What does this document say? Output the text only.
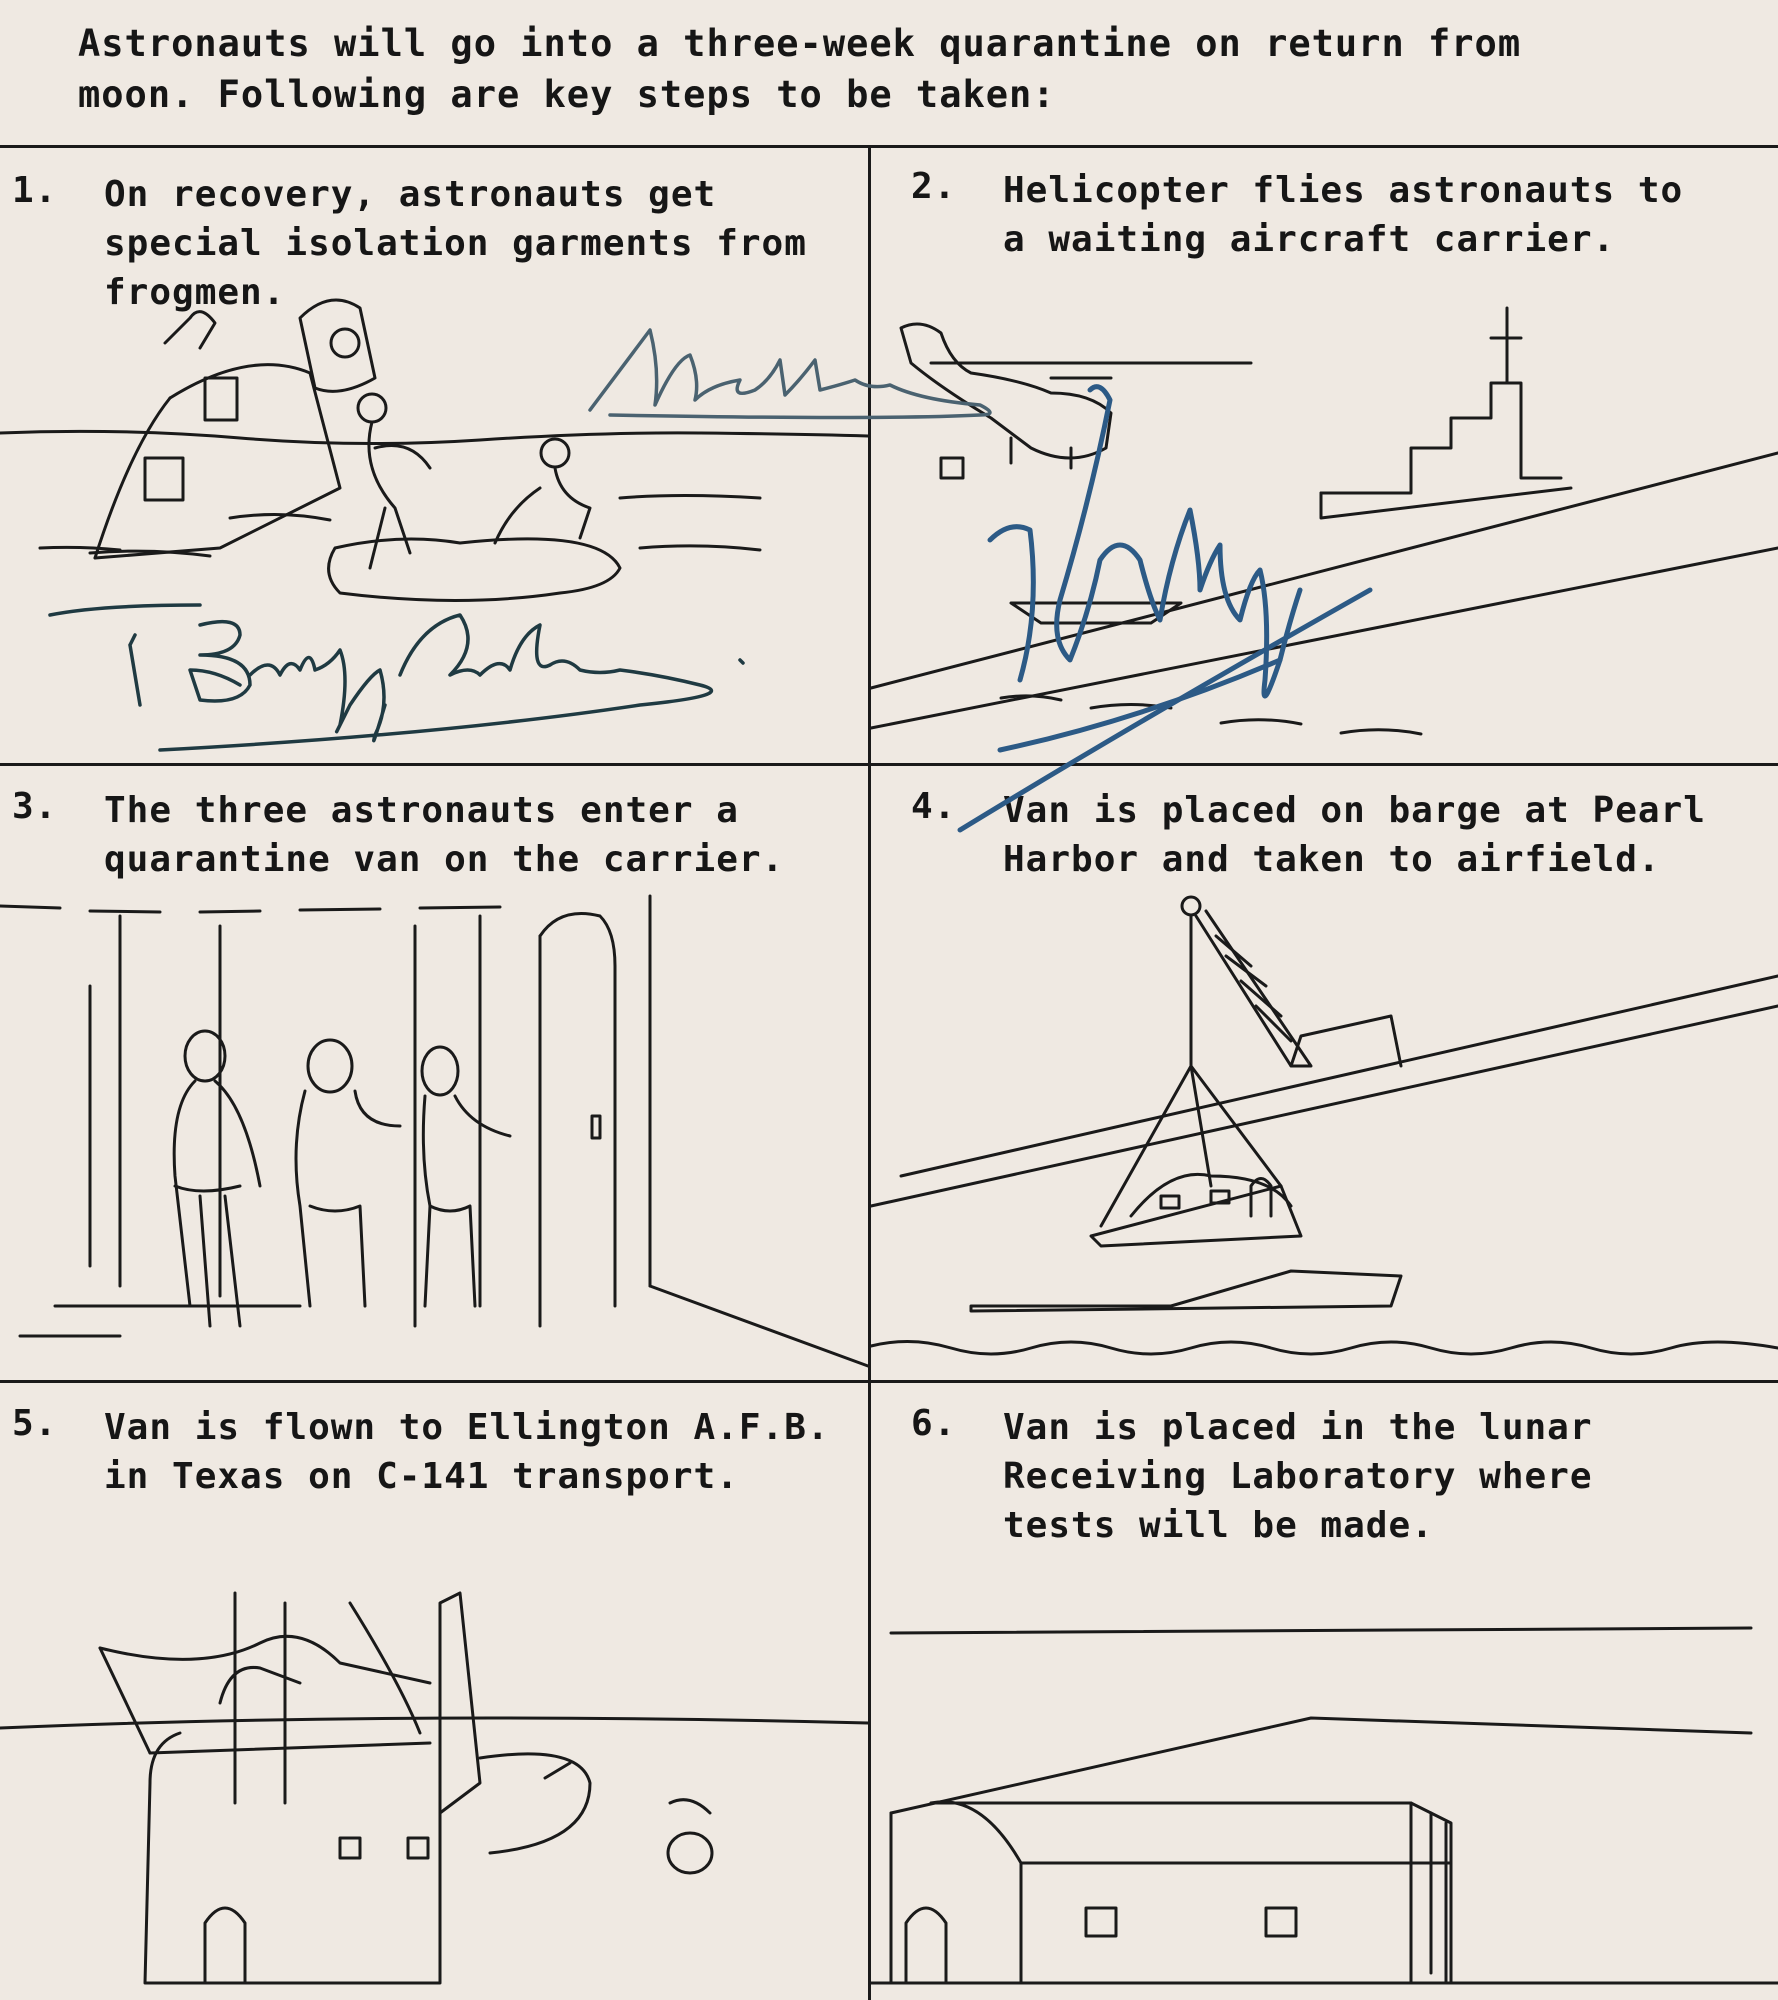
Astronauts will go into a three-week quarantine on return from
moon. Following are key steps to be taken:
1. On recovery, astronauts get
special isolation garments from
frogmen.
2. Helicopter flies astronauts to
a waiting aircraft carrier.
3. The three astronauts enter a
quarantine van on the carrier.
4. Van is placed on barge at Pearl
Harbor and taken to airfield.
5. Van is flown to Ellington A.F.B.
in Texas on C-141 transport.
6. Van is placed in the lunar
Receiving Laboratory where
tests will be made.
